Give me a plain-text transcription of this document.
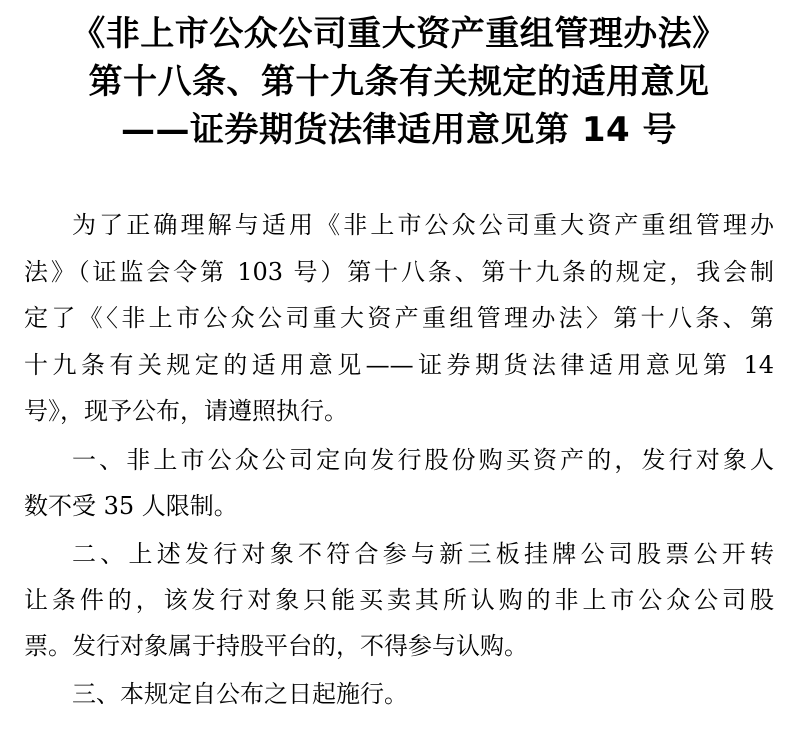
《非上市公众公司重大资产重组管理办法》
第十八条、第十九条有关规定的适用意见
——证券期货法律适用意见第 14 号
为了正确理解与适用《非上市公众公司重大资产重组管理办
法》（证监会令第 103 号）第十八条、第十九条的规定，我会制
定了《〈非上市公众公司重大资产重组管理办法〉第十八条、第
十九条有关规定的适用意见——证券期货法律适用意见第 14
号》，现予公布，请遵照执行。
一、非上市公众公司定向发行股份购买资产的，发行对象人
数不受 35 人限制。
二、上述发行对象不符合参与新三板挂牌公司股票公开转
让条件的，该发行对象只能买卖其所认购的非上市公众公司股
票。发行对象属于持股平台的，不得参与认购。
三、本规定自公布之日起施行。
